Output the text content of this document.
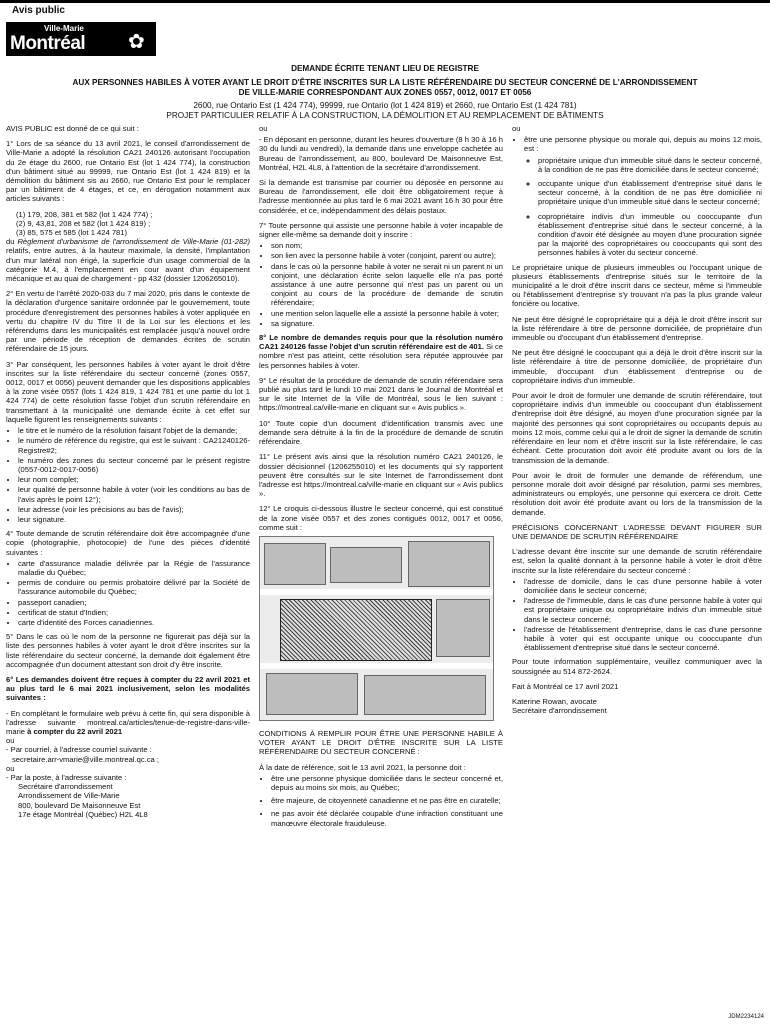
Avis public
Ville-Marie
Montréal ✿
DEMANDE ÉCRITE TENANT LIEU DE REGISTRE
AUX PERSONNES HABILES À VOTER AYANT LE DROIT D'ÊTRE INSCRITES SUR LA LISTE RÉFÉRENDAIRE DU SECTEUR CONCERNÉ DE L'ARRONDISSEMENT
DE VILLE-MARIE CORRESPONDANT AUX ZONES 0557, 0012, 0017 ET 0056
2600, rue Ontario Est (1 424 774), 99999, rue Ontario (lot 1 424 819) et 2660, rue Ontario Est (1 424 781)
PROJET PARTICULIER RELATIF À LA CONSTRUCTION, LA DÉMOLITION ET AU REMPLACEMENT DE BÂTIMENTS

AVIS PUBLIC est donné de ce qui suit :

1° Lors de sa séance du 13 avril 2021, le conseil d'arrondissement de Ville-Marie a adopté la résolution CA21 240126 autorisant l'occupation du 2e étage du 2600, rue Ontario Est (lot 1 424 774), la construction d'un bâtiment situé au 99999, rue Ontario Est (lot 1 424 819) et la démolition du bâtiment sis au 2660, rue Ontario Est pour le remplacer par un bâtiment de 4 étages, et ce, en dérogation notamment aux articles suivants :

(1) 179, 208, 381 et 582 (lot 1 424 774) ;
(2) 9, 43,81, 208 et 582 (lot 1 424 819) ;
(3) 85, 575 et 585 (lot 1 424 781)

du Règlement d'urbanisme de l'arrondissement de Ville-Marie (01-282) relatifs, entre autres, à la hauteur maximale, la densité, l'implantation d'un mur latéral non érigé, la superficie d'un usage commercial de la catégorie M.4, à l'emplacement en cour avant d'un équipement mécanique et au quai de chargement - pp 432 (dossier 1206265010).

2° En vertu de l'arrêté 2020-033 du 7 mai 2020, pris dans le contexte de la déclaration d'urgence sanitaire ordonnée par le gouvernement, toute procédure d'enregistrement des personnes habiles à voter appliquée en vertu du chapitre IV du Titre II de la Loi sur les élections et les référendums dans les municipalités est remplacée jusqu'à nouvel ordre par une période de réception de demandes écrites de scrutin référendaire de 15 jours.

3° Par conséquent, les personnes habiles à voter ayant le droit d'être inscrites sur la liste référendaire du secteur concerné (zones 0557, 0012, 0017 et 0056) peuvent demander que les dispositions applicables à la zone visée 0557 (lots 1 424 819, 1 424 781 et une partie du lot 1 424 774) de cette résolution fasse l'objet d'un scrutin référendaire en transmettant à la municipalité une demande écrite à cet effet sur laquelle figurent les renseignements suivants :

• le titre et le numéro de la résolution faisant l'objet de la demande;
• le numéro de référence du registre, qui est le suivant : CA21240126-Registre#2;
• le numéro des zones du secteur concerné par le présent registre (0557-0012-0017-0056)
• leur nom complet;
• leur qualité de personne habile à voter (voir les conditions au bas de l'avis après le point 12°);
• leur adresse (voir les précisions au bas de l'avis);
• leur signature.

4° Toute demande de scrutin référendaire doit être accompagnée d'une copie (photographie, photocopie) de l'une des pièces d'identité suivantes :

• carte d'assurance maladie délivrée par la Régie de l'assurance maladie du Québec;
• permis de conduire ou permis probatoire délivré par la Société de l'assurance automobile du Québec;
• passeport canadien;
• certificat de statut d'Indien;
• carte d'identité des Forces canadiennes.

5° Dans le cas où le nom de la personne ne figurerait pas déjà sur la liste des personnes habiles à voter ayant le droit d'être inscrites sur la liste référendaire du secteur concerné, la demande doit également être accompagnée d'un document attestant son droit d'y être inscrite.

6° Les demandes doivent être reçues à compter du 22 avril 2021 et au plus tard le 6 mai 2021 inclusivement, selon les modalités suivantes :

- En complétant le formulaire web prévu à cette fin, qui sera disponible à l'adresse suivante montreal.ca/articles/tenue-de-registre-dans-ville-marie à compter du 22 avril 2021

ou
- Par courriel, à l'adresse courriel suivante :
secretaire.arr-vmarie@ville.montreal.qc.ca ;
ou
- Par la poste, à l'adresse suivante :
Secrétaire d'arrondissement
Arrondissement de Ville-Marie
800, boulevard De Maisonneuve Est
17e étage Montréal (Québec) H2L 4L8

ou

- En déposant en personne, durant les heures d'ouverture (8 h 30 à 16 h 30 du lundi au vendredi), la demande dans une enveloppe cachetée au Bureau de l'arrondissement, au 800, boulevard De Maisonneuve Est, Montréal, H2L 4L8, à l'attention de la secrétaire d'arrondissement.

Si la demande est transmise par courrier ou déposée en personne au Bureau de l'arrondissement, elle doit être obligatoirement reçue à l'adresse mentionnée au plus tard le 6 mai 2021 avant 16 h 30 pour être considérée, et ce, indépendamment des délais postaux.

7° Toute personne qui assiste une personne habile à voter incapable de signer elle-même sa demande doit y inscrire :

• son nom;
• son lien avec la personne habile à voter (conjoint, parent ou autre);
• dans le cas où la personne habile à voter ne serait ni un parent ni un conjoint, une déclaration écrite selon laquelle elle n'a pas porté assistance à une autre personne qui n'est pas un parent ou un conjoint au cours de la procédure de demande de scrutin référendaire;
• une mention selon laquelle elle a assisté la personne habile à voter;
• sa signature.

8° Le nombre de demandes requis pour que la résolution numéro CA21 240126 fasse l'objet d'un scrutin référendaire est de 401. Si ce nombre n'est pas atteint, cette résolution sera réputée approuvée par les personnes habiles à voter.

9° Le résultat de la procédure de demande de scrutin référendaire sera publié au plus tard le lundi 10 mai 2021 dans le Journal de Montréal et sur le site Internet de la Ville de Montréal, sous le lien suivant : https://montreal.ca/ville-marie en cliquant sur « Avis publics ».

10° Toute copie d'un document d'identification transmis avec une demande sera détruite à la fin de la procédure de demande de scrutin référendaire.

11° Le présent avis ainsi que la résolution numéro CA21 240126, le dossier décisionnel (1206255010) et les documents qui s'y rapportent peuvent être consultés sur le site Internet de l'arrondissement dont l'adresse est https://montreal.ca/ville-marie en cliquant sur « Avis publics ».

12° Le croquis ci-dessous illustre le secteur concerné, qui est constitué de la zone visée 0557 et des zones contiguës 0012, 0017 et 0056, comme suit :

CONDITIONS À REMPLIR POUR ÊTRE UNE PERSONNE HABILE À VOTER AYANT LE DROIT D'ÊTRE INSCRITE SUR LA LISTE RÉFÉRENDAIRE DU SECTEUR CONCERNÉ :

À la date de référence, soit le 13 avril 2021, la personne doit :

• être une personne physique domiciliée dans le secteur concerné et, depuis au moins six mois, au Québec;
• être majeure, de citoyenneté canadienne et ne pas être en curatelle;
• ne pas avoir été déclarée coupable d'une infraction constituant une manœuvre électorale frauduleuse.

ou

• être une personne physique ou morale qui, depuis au moins 12 mois, est :
◦ propriétaire unique d'un immeuble situé dans le secteur concerné, à la condition de ne pas être domiciliée dans le secteur concerné;
◦ occupante unique d'un établissement d'entreprise situé dans le secteur concerné, à la condition de ne pas être domiciliée ni propriétaire unique d'un immeuble situé dans le secteur concerné;
◦ copropriétaire indivis d'un immeuble ou cooccupante d'un établissement d'entreprise situé dans le secteur concerné, à la condition d'avoir été désignée au moyen d'une procuration signée par la majorité des copropriétaires ou cooccupants qui sont des personnes habiles à voter du secteur concerné.

Le propriétaire unique de plusieurs immeubles ou l'occupant unique de plusieurs établissements d'entreprise situés sur le territoire de la municipalité a le droit d'être inscrit dans ce secteur, même si l'immeuble ou l'établissement d'entreprise s'y trouvant n'a pas la plus grande valeur foncière ou locative.

Ne peut être désigné le copropriétaire qui a déjà le droit d'être inscrit sur la liste référendaire à titre de personne domiciliée, de propriétaire d'un immeuble ou d'occupant d'un établissement d'entreprise.

Ne peut être désigné le cooccupant qui a déjà le droit d'être inscrit sur la liste référendaire à titre de personne domiciliée, de propriétaire d'un immeuble, d'occupant d'un établissement d'entreprise ou de copropriétaire indivis d'un immeuble.

Pour avoir le droit de formuler une demande de scrutin référendaire, tout copropriétaire indivis d'un immeuble ou cooccupant d'un établissement d'entreprise doit être désigné, au moyen d'une procuration signée par la majorité des personnes qui sont copropriétaires ou occupants depuis au moins 12 mois, comme celui qui a le droit de signer la demande de scrutin référendaire en leur nom et d'être inscrit sur la liste référendaire, le cas échéant. Cette procuration doit avoir été produite avant ou lors de la transmission de la demande.

Pour avoir le droit de formuler une demande de référendum, une personne morale doit avoir désigné par résolution, parmi ses membres, administrateurs ou employés, une personne qui exercera ce droit. Cette résolution doit avoir été produite avant ou lors de la transmission de la demande.

PRÉCISIONS CONCERNANT L'ADRESSE DEVANT FIGURER SUR UNE DEMANDE DE SCRUTIN RÉFÉRENDAIRE

L'adresse devant être inscrite sur une demande de scrutin référendaire est, selon la qualité donnant à la personne habile à voter le droit d'être inscrite sur la liste référendaire du secteur concerné :

• l'adresse de domicile, dans le cas d'une personne habile à voter domiciliée dans le secteur concerné;
• l'adresse de l'immeuble, dans le cas d'une personne habile à voter qui est propriétaire unique ou copropriétaire indivis d'un immeuble situé dans le secteur concerné;
• l'adresse de l'établissement d'entreprise, dans le cas d'une personne habile à voter qui est occupante unique ou cooccupante d'un établissement d'entreprise situé dans le secteur concerné.

Pour toute information supplémentaire, veuillez communiquer avec la soussignée au 514 872-2624.

Fait à Montréal ce 17 avril 2021

Katerine Rowan, avocate
Secrétaire d'arrondissement
JDM2234124
